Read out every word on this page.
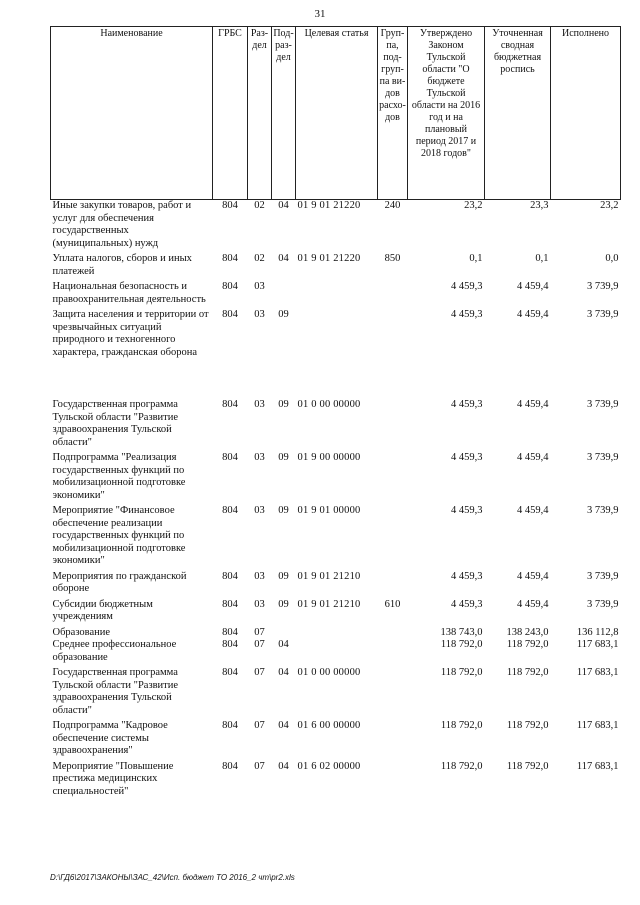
31
Наименование	ГРБС	Раз- дел	Под- раз- дел	Целевая статья	Груп- па, под- груп- па ви- дов расхо- дов	Утверждено Законом Тульской области "О бюджете Тульской области на 2016 год и на плановый период 2017 и 2018 годов"	Уточненная сводная бюджетная роспись	Исполнено
Иные закупки товаров, работ и услуг для обеспечения государственных (муниципальных) нужд	804	02	04	01 9 01 21220	240	23,2	23,3	23,2
Уплата налогов, сборов и иных платежей	804	02	04	01 9 01 21220	850	0,1	0,1	0,0
Национальная безопасность и правоохранительная деятельность	804	03				4 459,3	4 459,4	3 739,9
Защита населения и территории от чрезвычайных ситуаций природного и техногенного характера, гражданская оборона	804	03	09			4 459,3	4 459,4	3 739,9
Государственная программа Тульской области "Развитие здравоохранения Тульской области"	804	03	09	01 0 00 00000		4 459,3	4 459,4	3 739,9
Подпрограмма "Реализация государственных функций по мобилизационной подготовке экономики"	804	03	09	01 9 00 00000		4 459,3	4 459,4	3 739,9
Мероприятие "Финансовое обеспечение реализации государственных функций по мобилизационной подготовке экономики"	804	03	09	01 9 01 00000		4 459,3	4 459,4	3 739,9
Мероприятия по гражданской обороне	804	03	09	01 9 01 21210		4 459,3	4 459,4	3 739,9
Субсидии бюджетным учреждениям	804	03	09	01 9 01 21210	610	4 459,3	4 459,4	3 739,9
Образование	804	07				138 743,0	138 243,0	136 112,8
Среднее профессиональное образование	804	07	04			118 792,0	118 792,0	117 683,1
Государственная программа Тульской области "Развитие здравоохранения Тульской области"	804	07	04	01 0 00 00000		118 792,0	118 792,0	117 683,1
Подпрограмма "Кадровое обеспечение системы здравоохранения"	804	07	04	01 6 00 00000		118 792,0	118 792,0	117 683,1
Мероприятие "Повышение престижа медицинских специальностей"	804	07	04	01 6 02 00000		118 792,0	118 792,0	117 683,1
D:\ГД6\2017\ЗАКОНЫ\ЗАС_42\Исп. бюджет ТО 2016_2 чт\pr2.xls
